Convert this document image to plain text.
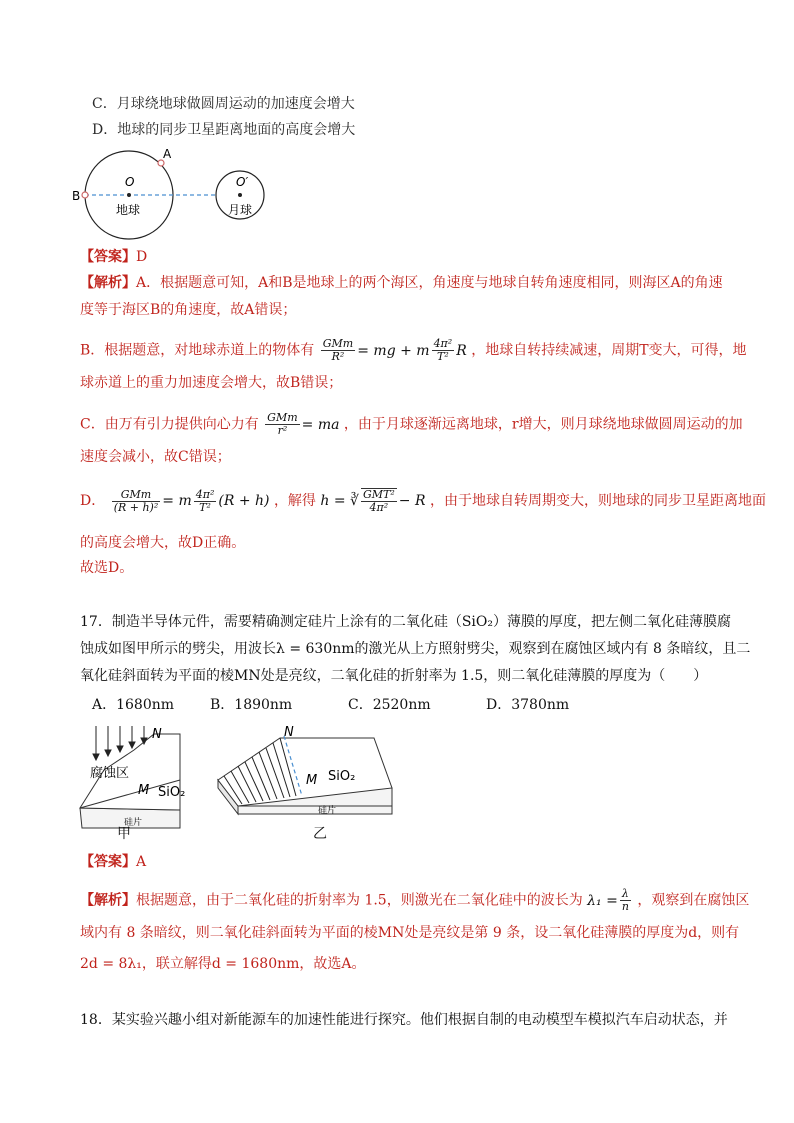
C．月球绕地球做圆周运动的加速度会增大
D．地球的同步卫星距离地面的高度会增大
A
B
O	O′
地球	月球
【答案】D
【解析】A．根据题意可知，A和B是地球上的两个海区，角速度与地球自转角速度相同，则海区A的角速
度等于海区B的角速度，故A错误；
B．根据题意，对地球赤道上的物体有 $\frac{\text{GMm}}{\text{R²}}$ = mg + m $\frac{\text{4π²}}{\text{T²}}$ R ，地球自转持续减速，周期T变大，可得，地
球赤道上的重力加速度会增大，故B错误；
C．由万有引力提供向心力有 $\frac{\text{GMm}}{\text{r²}}$ = ma ，由于月球逐渐远离地球，r增大，则月球绕地球做圆周运动的加
速度会减小，故C错误；
D． $\frac{\text{GMm}}{\text{(R + h)²}} = m \frac{\text{4π²}}{\text{T²}} (R + h)$ ，解得 h = ∛ $\frac{\text{GMT²}}{\text{4π²}} - R$ ，由于地球自转周期变大，则地球的同步卫星距离地面
的高度会增大，故D正确。
故选D。
17．制造半导体元件，需要精确测定硅片上涂有的二氧化硅（SiO₂）薄膜的厚度，把左侧二氧化硅薄膜腐
蚀成如图甲所示的劈尖，用波长λ = 630nm的激光从上方照射劈尖，观察到在腐蚀区域内有 8 条暗纹，且二
氧化硅斜面转为平面的棱MN处是亮纹，二氧化硅的折射率为 1.5，则二氧化硅薄膜的厚度为（　　）
A．1680nm	B．1890nm	C．2520nm	D．3780nm
N
腐蚀区
M SiO₂
硅片
甲
N
M SiO₂
硅片
乙
【答案】A
【解析】根据题意，由于二氧化硅的折射率为 1.5，则激光在二氧化硅中的波长为 $\lambda_1 = \frac{\lambda}{n}$ ，观察到在腐蚀区
域内有 8 条暗纹，则二氧化硅斜面转为平面的棱MN处是亮纹是第 9 条，设二氧化硅薄膜的厚度为d，则有
2d = 8λ₁，联立解得d = 1680nm，故选A。
18．某实验兴趣小组对新能源车的加速性能进行探究。他们根据自制的电动模型车模拟汽车启动状态，并
